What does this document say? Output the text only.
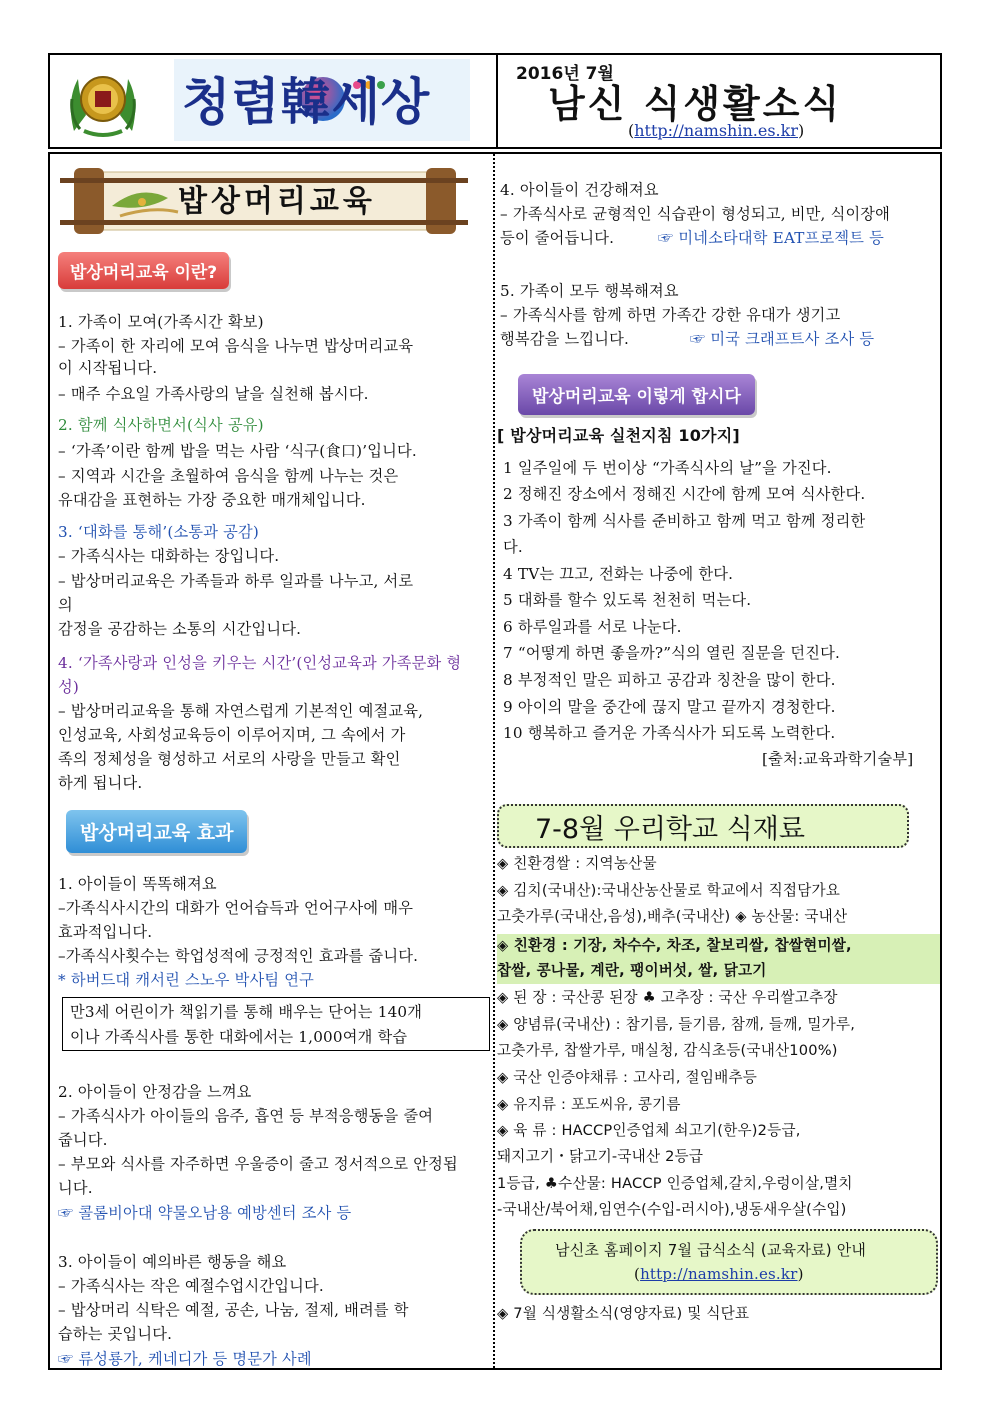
2016년 7월
남신 식생활소식
(http://namshin.es.kr)
청렴韓세상
밥상머리교육
밥상머리교육 이란?
1. 가족이 모여(가족시간 확보)
– 가족이 한 자리에 모여 음식을 나누면 밥상머리교육
이 시작됩니다.
– 매주 수요일 가족사랑의 날을 실천해 봅시다.
2. 함께 식사하면서(식사 공유)
– ‘가족’이란 함께 밥을 먹는 사람 ‘식구(食口)’입니다.
– 지역과 시간을 초월하여 음식을 함께 나누는 것은
유대감을 표현하는 가장 중요한 매개체입니다.
3. ‘대화를 통해’(소통과 공감)
– 가족식사는 대화하는 장입니다.
– 밥상머리교육은 가족들과 하루 일과를 나누고, 서로
의
감정을 공감하는 소통의 시간입니다.
4. ‘가족사랑과 인성을 키우는 시간’(인성교육과 가족문화 형
성)
– 밥상머리교육을 통해 자연스럽게 기본적인 예절교육,
인성교육, 사회성교육등이 이루어지며, 그 속에서 가
족의 정체성을 형성하고 서로의 사랑을 만들고 확인
하게 됩니다.
밥상머리교육 효과
1. 아이들이 똑똑해져요
–가족식사시간의 대화가 언어습득과 언어구사에 매우
효과적입니다.
–가족식사횟수는 학업성적에 긍정적인 효과를 줍니다.
* 하버드대 캐서린 스노우 박사팀 연구
만3세 어린이가 책읽기를 통해 배우는 단어는 140개
이나 가족식사를 통한 대화에서는 1,000여개 학습
2. 아이들이 안정감을 느껴요
– 가족식사가 아이들의 음주, 흡연 등 부적응행동을 줄여
줍니다.
– 부모와 식사를 자주하면 우울증이 줄고 정서적으로 안정됩
니다.
☞ 콜롬비아대 약물오남용 예방센터 조사 등
3. 아이들이 예의바른 행동을 해요
– 가족식사는 작은 예절수업시간입니다.
– 밥상머리 식탁은 예절, 공손, 나눔, 절제, 배려를 학
습하는 곳입니다.
☞ 류성룡가, 케네디가 등 명문가 사례
4. 아이들이 건강해져요
– 가족식사로 균형적인 식습관이 형성되고, 비만, 식이장애
등이 줄어듭니다.	☞ 미네소타대학 EAT프로젝트 등
5. 가족이 모두 행복해져요
– 가족식사를 함께 하면 가족간 강한 유대가 생기고
행복감을 느낍니다.	☞ 미국 크래프트사 조사 등
밥상머리교육 이렇게 합시다
[ 밥상머리교육 실천지침 10가지]
1 일주일에 두 번이상 “가족식사의 날”을 가진다.
2 정해진 장소에서 정해진 시간에 함께 모여 식사한다.
3 가족이 함께 식사를 준비하고 함께 먹고 함께 정리한
다.
4 TV는 끄고, 전화는 나중에 한다.
5 대화를 할수 있도록 천천히 먹는다.
6 하루일과를 서로 나눈다.
7 “어떻게 하면 좋을까?”식의 열린 질문을 던진다.
8 부정적인 말은 피하고 공감과 칭찬을 많이 한다.
9 아이의 말을 중간에 끊지 말고 끝까지 경청한다.
10 행복하고 즐거운 가족식사가 되도록 노력한다.
[출처:교육과학기술부]
7-8월 우리학교 식재료
◈ 친환경쌀 : 지역농산물
◈ 김치(국내산):국내산농산물로 학교에서 직접담가요
고춧가루(국내산,음성),배추(국내산) ◈ 농산물: 국내산
◈ 친환경 : 기장, 차수수, 차조, 찰보리쌀, 찹쌀현미쌀,
찹쌀, 콩나물, 계란, 팽이버섯, 쌀, 닭고기
◈ 된 장 : 국산콩 된장 ♣ 고추장 : 국산 우리쌀고추장
◈ 양념류(국내산) : 참기름, 들기름, 참깨, 들깨, 밀가루,
고춧가루, 찹쌀가루, 매실청, 감식초등(국내산100%)
◈ 국산 인증야채류 : 고사리, 절임배추등
◈ 유지류 : 포도씨유, 콩기름
◈ 육 류 : HACCP인증업체 쇠고기(한우)2등급,
돼지고기・닭고기-국내산 2등급
1등급, ♣수산물: HACCP 인증업체,갈치,우렁이살,멸치
-국내산/북어채,임연수(수입-러시아),냉동새우살(수입)
남신초 홈페이지 7월 급식소식 (교육자료) 안내
(http://namshin.es.kr)
◈ 7월 식생활소식(영양자료) 및 식단표
